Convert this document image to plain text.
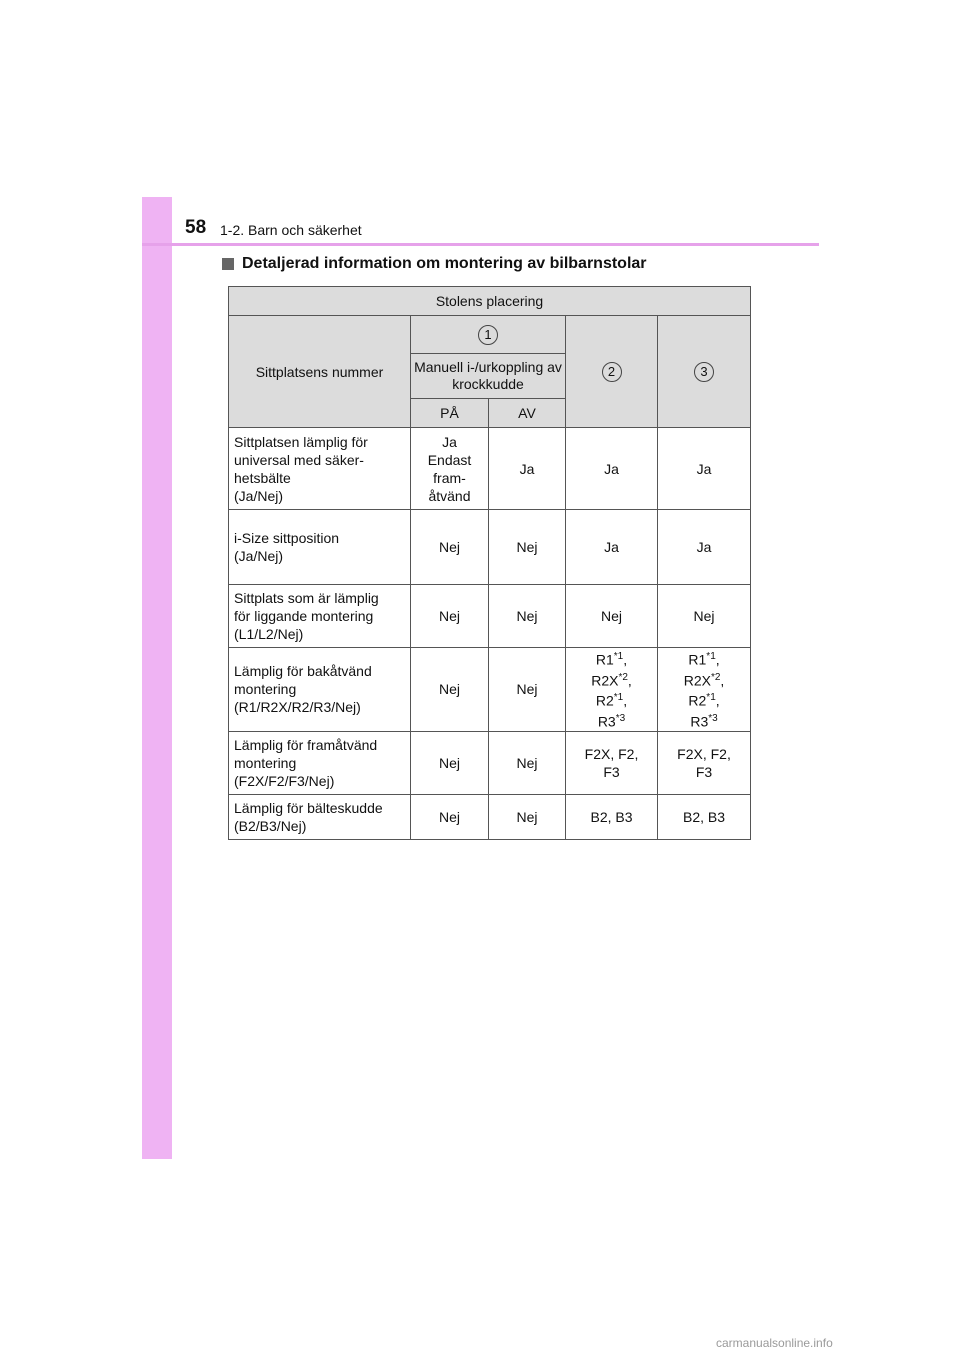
58 1-2. Barn och säkerhet
Detaljerad information om montering av bilbarnstolar
Stolens placering				
Sittplatsens nummer	1		2	3
	Manuell i-/urkoppling av krockkudde			
	PÅ	AV		
Sittplatsen lämplig för
universal med säker-
hetsbälte
(Ja/Nej)	Ja
Endast
fram-
åtvänd	Ja	Ja	Ja
i-Size sittposition
(Ja/Nej)	Nej	Nej	Ja	Ja
Sittplats som är lämplig
för liggande montering
(L1/L2/Nej)	Nej	Nej	Nej	Nej
Lämplig för bakåtvänd
montering
(R1/R2X/R2/R3/Nej)	Nej	Nej	R1$^{*1}$,
$R2X^{*2}$,
R2$^{*1}$,
R3$^{*3}$	R1$^{*1}$,
$R2X^{*2}$,
R2$^{*1}$,
R3$^{*3}$
Lämplig för framåtvänd
montering
(F2X/F2/F3/Nej)	Nej	Nej	F2X, F2,
F3	F2X, F2,
F3
Lämplig för bälteskudde
(B2/B3/Nej)	Nej	Nej	B2, B3	B2, B3
carmanualsonline.info
